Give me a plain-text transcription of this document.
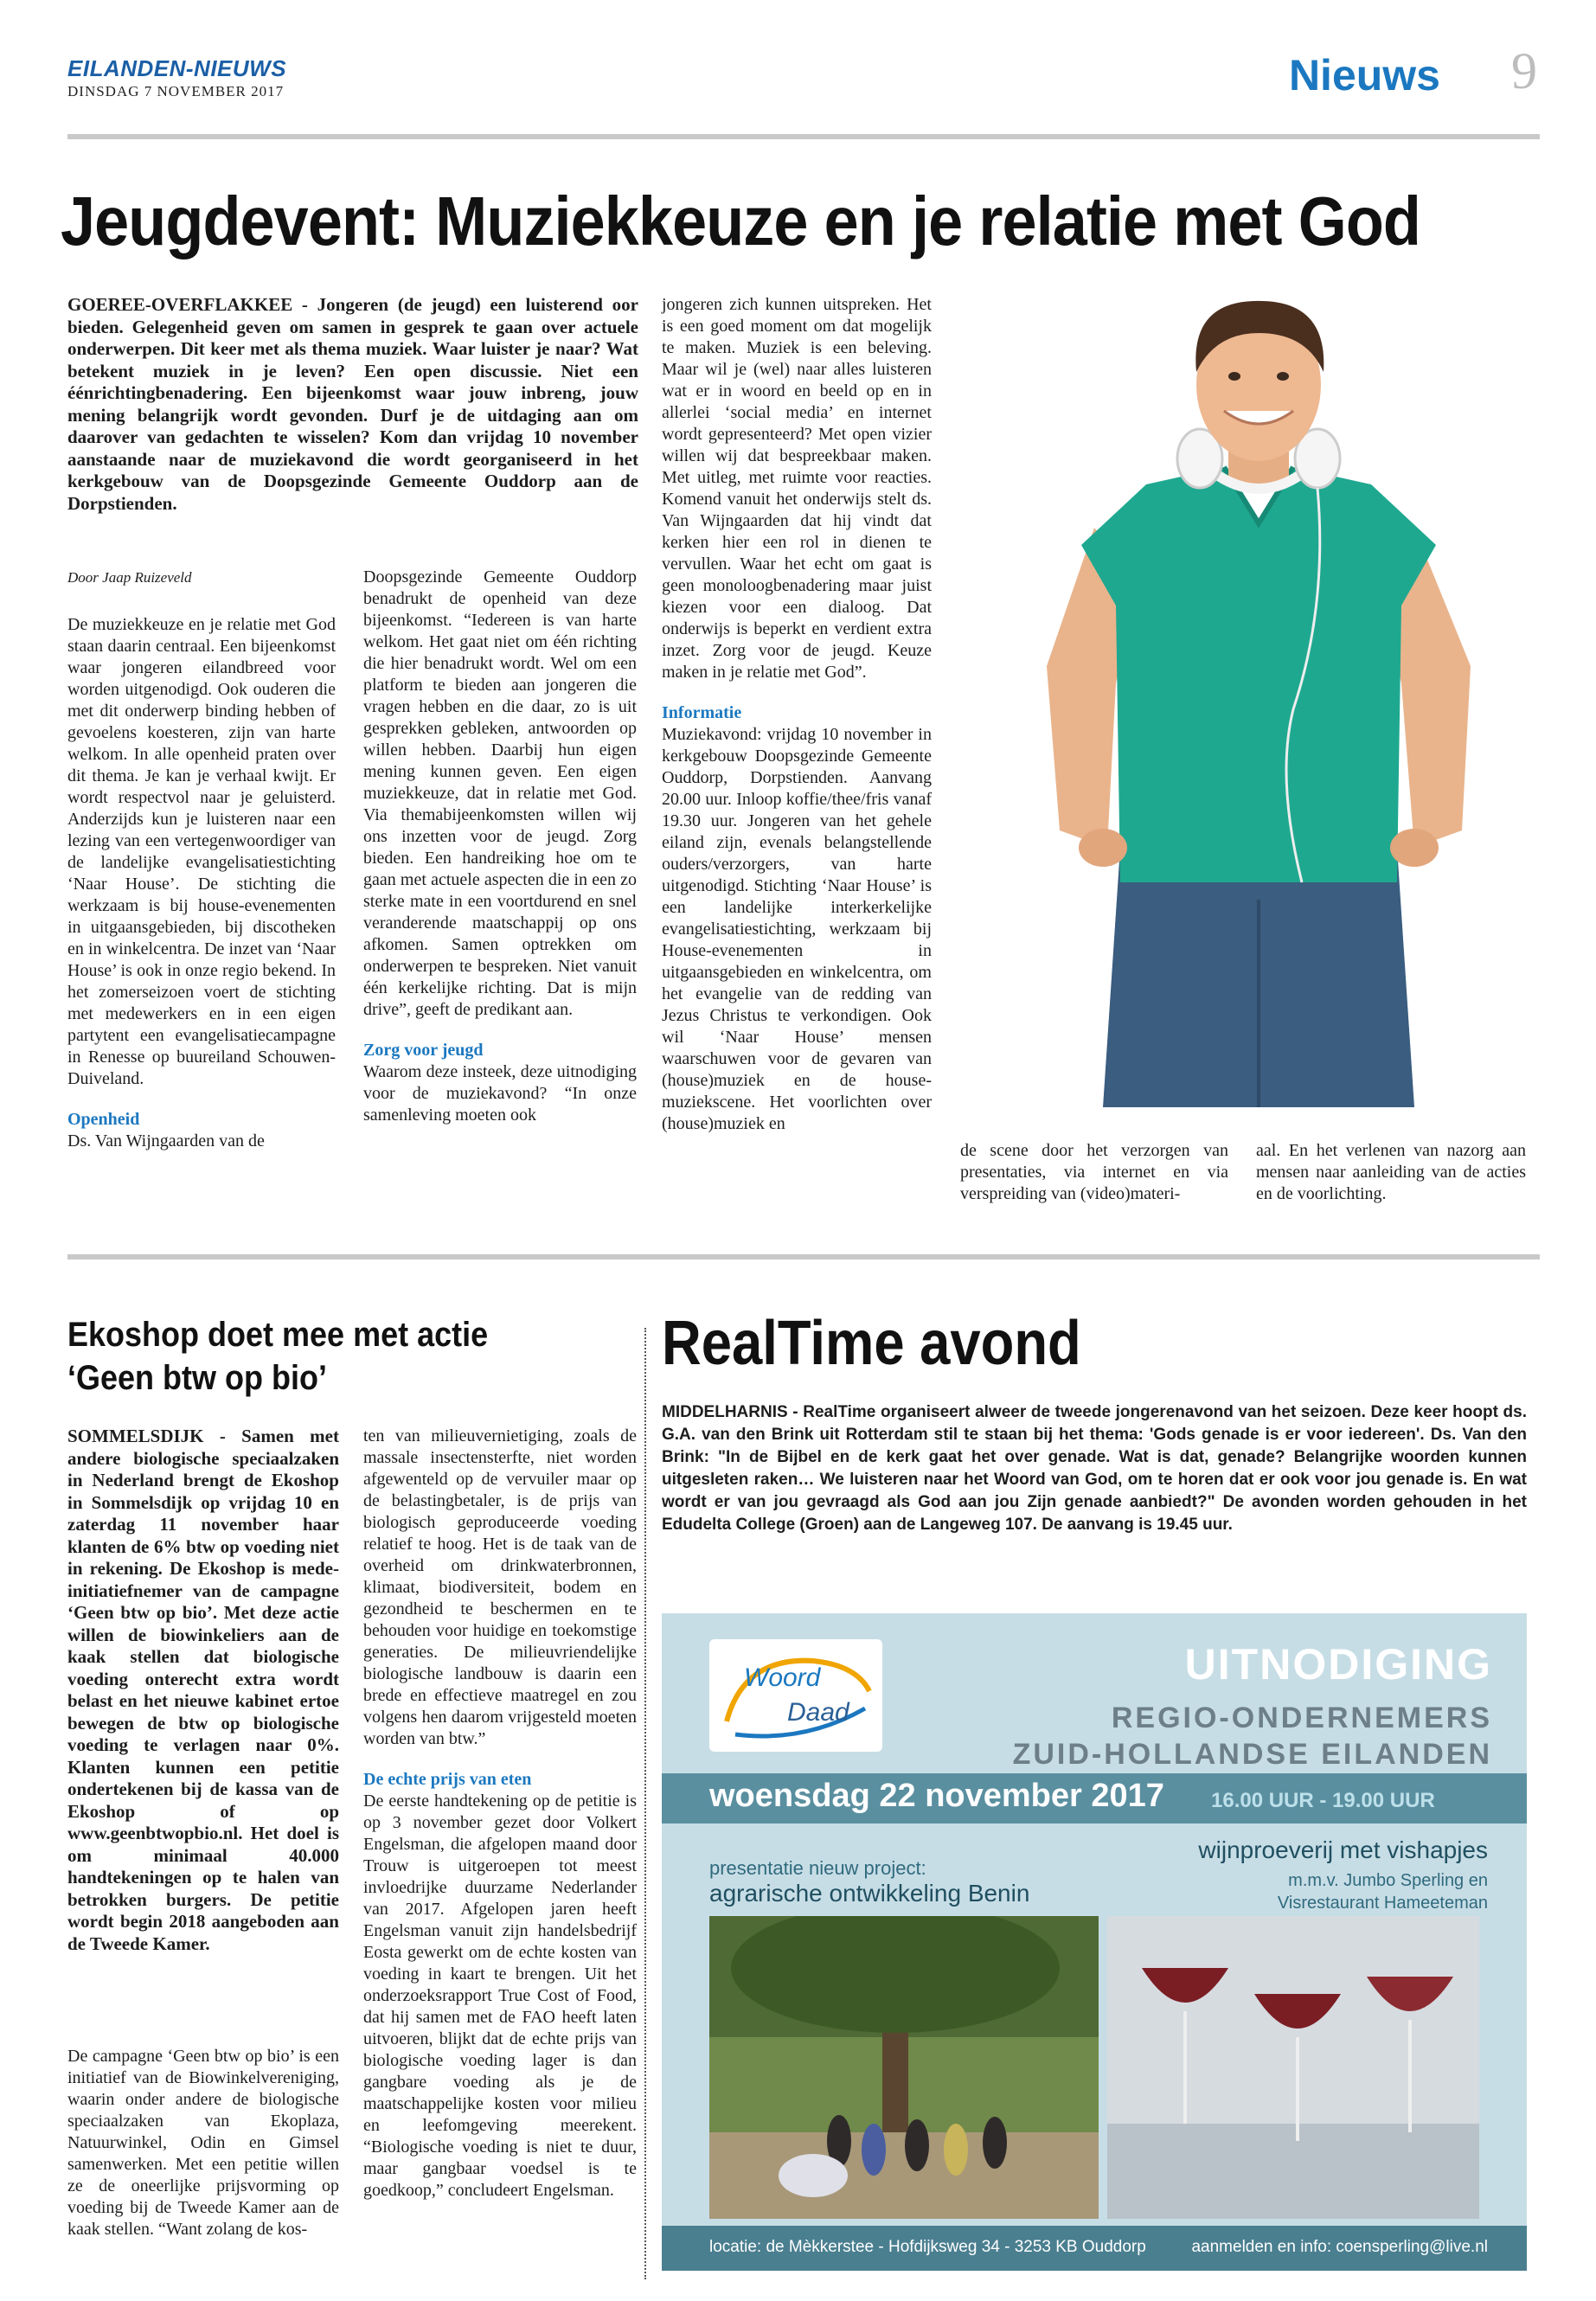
EILANDEN-NIEUWS
DINSDAG 7 NOVEMBER 2017	Nieuws 9
Jeugdevent: Muziekkeuze en je relatie met God
GOEREE-OVERFLAKKEE - Jongeren (de jeugd) een luisterend oor bieden. Gelegenheid geven om samen in gesprek te gaan over actuele onderwerpen. Dit keer met als thema muziek. Waar luister je naar? Wat betekent muziek in je leven? Een open discussie. Niet een éénrichtingbenadering. Een bijeenkomst waar jouw inbreng, jouw mening belangrijk wordt gevonden. Durf je de uitdaging aan om daarover van gedachten te wisselen? Kom dan vrijdag 10 november aanstaande naar de muziekavond die wordt georganiseerd in het kerkgebouw van de Doopsgezinde Gemeente Ouddorp aan de Dorpstienden.

Door Jaap Ruizeveld

De muziekkeuze en je relatie met God staan daarin centraal. Een bijeenkomst waar jongeren eilandbreed voor worden uitgenodigd. Ook ouderen die met dit onderwerp binding hebben of gevoelens koesteren, zijn van harte welkom. In alle openheid praten over dit thema. Je kan je verhaal kwijt. Er wordt respectvol naar je geluisterd. Anderzijds kun je luisteren naar een lezing van een vertegenwoordiger van de landelijke evangelisatiestichting ‘Naar House’. De stichting die werkzaam is bij house-evenementen in uitgaansgebieden, bij discotheken en in winkelcentra. De inzet van ‘Naar House’ is ook in onze regio bekend. In het zomerseizoen voert de stichting met medewerkers en in een eigen partytent een evangelisatiecampagne in Renesse op buureiland Schouwen-Duiveland.

Openheid

Ds. Van Wijngaarden van de

Doopsgezinde Gemeente Ouddorp benadrukt de openheid van deze bijeenkomst. “Iedereen is van harte welkom. Het gaat niet om één richting die hier benadrukt wordt. Wel om een platform te bieden aan jongeren die vragen hebben en die daar, zo is uit gesprekken gebleken, antwoorden op willen hebben. Daarbij hun eigen mening kunnen geven. Een eigen muziekkeuze, dat in relatie met God. Via themabijeenkomsten willen wij ons inzetten voor de jeugd. Zorg bieden. Een handreiking hoe om te gaan met actuele aspecten die in een zo sterke mate in een voortdurend en snel veranderende maatschappij op ons afkomen. Samen optrekken om onderwerpen te bespreken. Niet vanuit één kerkelijke richting. Dat is mijn drive”, geeft de predikant aan.

Zorg voor jeugd

Waarom deze insteek, deze uitnodiging voor de muziekavond? “In onze samenleving moeten ook

jongeren zich kunnen uitspreken. Het is een goed moment om dat mogelijk te maken. Muziek is een beleving. Maar wil je (wel) naar alles luisteren wat er in woord en beeld op en in allerlei ‘social media’ en internet wordt gepresenteerd? Met open vizier willen wij dat bespreekbaar maken. Met uitleg, met ruimte voor reacties. Komend vanuit het onderwijs stelt ds. Van Wijngaarden dat hij vindt dat kerken hier een rol in dienen te vervullen. Waar het echt om gaat is geen monoloogbenadering maar juist kiezen voor een dialoog. Dat onderwijs is beperkt en verdient extra inzet. Zorg voor de jeugd. Keuze maken in je relatie met God”.

Informatie

Muziekavond: vrijdag 10 november in kerkgebouw Doopsgezinde Gemeente Ouddorp, Dorpstienden. Aanvang 20.00 uur. Inloop koffie/thee/fris vanaf 19.30 uur. Jongeren van het gehele eiland zijn, evenals belangstellende ouders/verzorgers, van harte uitgenodigd. Stichting ‘Naar House’ is een landelijke interkerkelijke evangelisatiestichting, werkzaam bij House-evenementen in uitgaansgebieden en winkelcentra, om het evangelie van de redding van Jezus Christus te verkondigen. Ook wil ‘Naar House’ mensen waarschuwen voor de gevaren van (house)muziek en de house-muziekscene. Het voorlichten over (house)muziek en

de scene door het verzorgen van presentaties, via internet en via verspreiding van (video)materi-

aal. En het verlenen van nazorg aan mensen naar aanleiding van de acties en de voorlichting.

Ekoshop doet mee met actie ‘Geen btw op bio’
SOMMELSDIJK - Samen met andere biologische speciaalzaken in Nederland brengt de Ekoshop in Sommelsdijk op vrijdag 10 en zaterdag 11 november haar klanten de 6% btw op voeding niet in rekening. De Ekoshop is mede-initiatiefnemer van de campagne ‘Geen btw op bio’. Met deze actie willen de biowinkeliers aan de kaak stellen dat biologische voeding onterecht extra wordt belast en het nieuwe kabinet ertoe bewegen de btw op biologische voeding te verlagen naar 0%. Klanten kunnen een petitie ondertekenen bij de kassa van de Ekoshop of op www.geenbtwopbio.nl. Het doel is om minimaal 40.000 handtekeningen op te halen van betrokken burgers. De petitie wordt begin 2018 aangeboden aan de Tweede Kamer.

De campagne ‘Geen btw op bio’ is een initiatief van de Biowinkelvereniging, waarin onder andere de biologische speciaalzaken van Ekoplaza, Natuurwinkel, Odin en Gimsel samenwerken. Met een petitie willen ze de oneerlijke prijsvorming op voeding bij de Tweede Kamer aan de kaak stellen. “Want zolang de kos-

ten van milieuvernietiging, zoals de massale insectensterfte, niet worden afgewenteld op de vervuiler maar op de belastingbetaler, is de prijs van biologisch geproduceerde voeding relatief te hoog. Het is de taak van de overheid om drinkwaterbronnen, klimaat, biodiversiteit, bodem en gezondheid te beschermen en te behouden voor huidige en toekomstige generaties. De milieuvriendelijke biologische landbouw is daarin een brede en effectieve maatregel en zou volgens hen daarom vrijgesteld moeten worden van btw.”

De echte prijs van eten

De eerste handtekening op de petitie is op 3 november gezet door Volkert Engelsman, die afgelopen maand door Trouw is uitgeroepen tot meest invloedrijke duurzame Nederlander van 2017. Afgelopen jaren heeft Engelsman vanuit zijn handelsbedrijf Eosta gewerkt om de echte kosten van voeding in kaart te brengen. Uit het onderzoeksrapport True Cost of Food, dat hij samen met de FAO heeft laten uitvoeren, blijkt dat de echte prijs van biologische voeding lager is dan gangbare voeding als je de maatschappelijke kosten voor milieu en leefomgeving meerekent. “Biologische voeding is niet te duur, maar gangbaar voedsel is te goedkoop,” concludeert Engelsman.

RealTime avond
MIDDELHARNIS - RealTime organiseert alweer de tweede jongerenavond van het seizoen. Deze keer hoopt ds. G.A. van den Brink uit Rotterdam stil te staan bij het thema: 'Gods genade is er voor iedereen'. Ds. Van den Brink: "In de Bijbel en de kerk gaat het over genade. Wat is dat, genade? Belangrijke woorden kunnen uitgesleten raken… We luisteren naar het Woord van God, om te horen dat er ook voor jou genade is. En wat wordt er van jou gevraagd als God aan jou Zijn genade aanbiedt?" De avonden worden gehouden in het Edudelta College (Groen) aan de Langeweg 107. De aanvang is 19.45 uur.
Woord
Daad
UITNODIGING
REGIO-ONDERNEMERS
ZUID-HOLLANDSE EILANDEN
woensdag 22 november 2017 16.00 UUR - 19.00 UUR
presentatie nieuw project:
agrarische ontwikkeling Benin
wijnproeverij met visha​pjes
m.m.v. Jumbo Sperling en
Visrestaurant Hameeteman
locatie: de Mèkkerstee - Hofdijksweg 34 - 3253 KB Ouddorp	aanmelden en info: coensperling@live.nl
